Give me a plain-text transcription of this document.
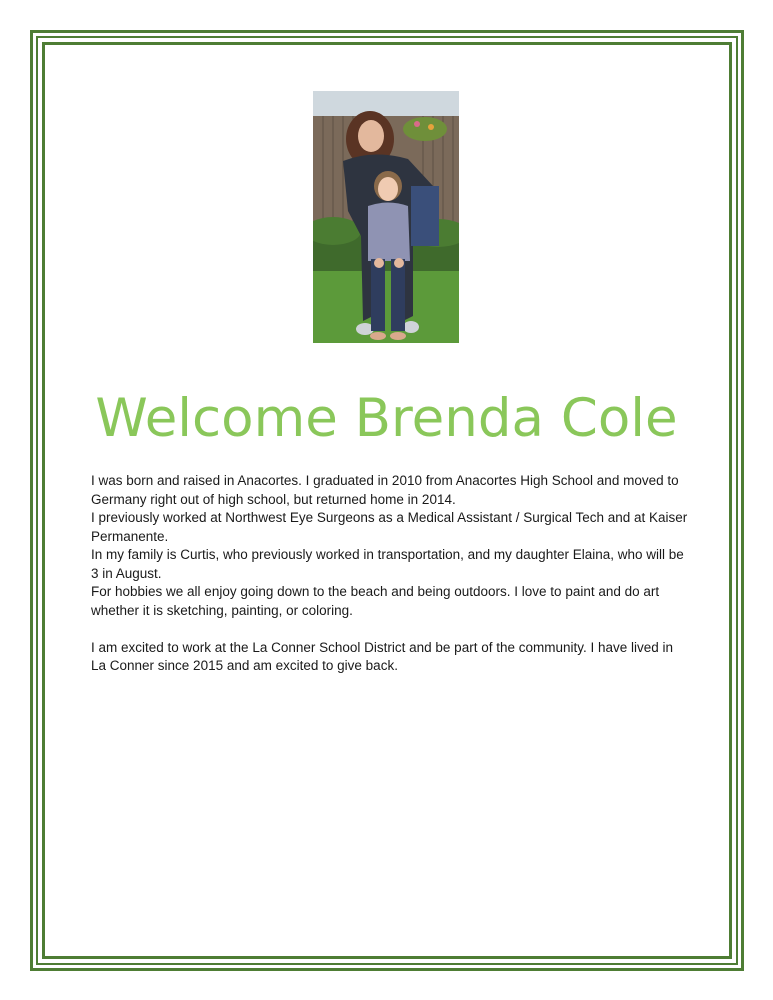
Welcome Brenda Cole

I was born and raised in Anacortes. I graduated in 2010 from Anacortes High School and moved to Germany right out of high school, but returned home in 2014.

I previously worked at Northwest Eye Surgeons as a Medical Assistant / Surgical Tech and at Kaiser Permanente.

In my family is Curtis, who previously worked in transportation, and my daughter Elaina, who will be 3 in August.

For hobbies we all enjoy going down to the beach and being outdoors. I love to paint and do art whether it is sketching, painting, or coloring.

I am excited to work at the La Conner School District and be part of the community. I have lived in La Conner since 2015 and am excited to give back.
